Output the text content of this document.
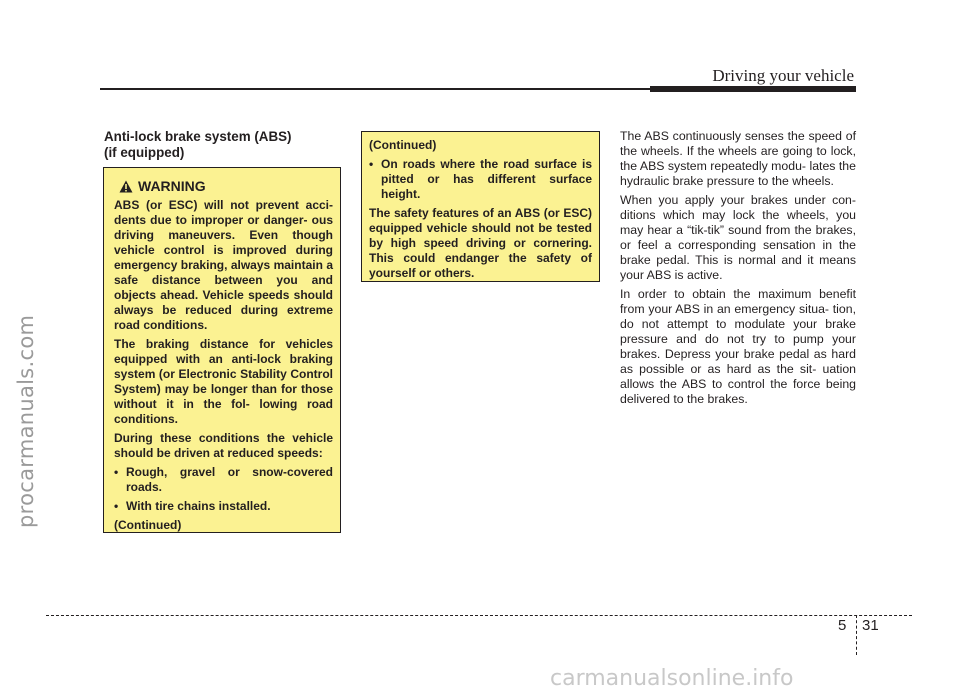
procarmanuals.com
Driving your vehicle
Anti-lock brake system (ABS)
(if equipped)
WARNING

ABS (or ESC) will not prevent acci- dents due to improper or danger- ous driving maneuvers. Even though vehicle control is improved during emergency braking, always maintain a safe distance between you and objects ahead. Vehicle speeds should always be reduced during extreme road conditions.

The braking distance for vehicles equipped with an anti-lock braking system (or Electronic Stability Control System) may be longer than for those without it in the fol- lowing road conditions.

During these conditions the vehicle should be driven at reduced speeds:

• Rough, gravel or snow-covered roads.
• With tire chains installed.

(Continued)

(Continued)

• On roads where the road surface is pitted or has different surface height.

The safety features of an ABS (or ESC) equipped vehicle should not be tested by high speed driving or cornering. This could endanger the safety of yourself or others.

The ABS continuously senses the speed of the wheels. If the wheels are going to lock, the ABS system repeatedly modu- lates the hydraulic brake pressure to the wheels.

When you apply your brakes under con- ditions which may lock the wheels, you may hear a “tik-tik” sound from the brakes, or feel a corresponding sensation in the brake pedal. This is normal and it means your ABS is active.

In order to obtain the maximum benefit from your ABS in an emergency situa- tion, do not attempt to modulate your brake pressure and do not try to pump your brakes. Depress your brake pedal as hard as possible or as hard as the sit- uation allows the ABS to control the force being delivered to the brakes.

5 31
carmanualsonline.info
